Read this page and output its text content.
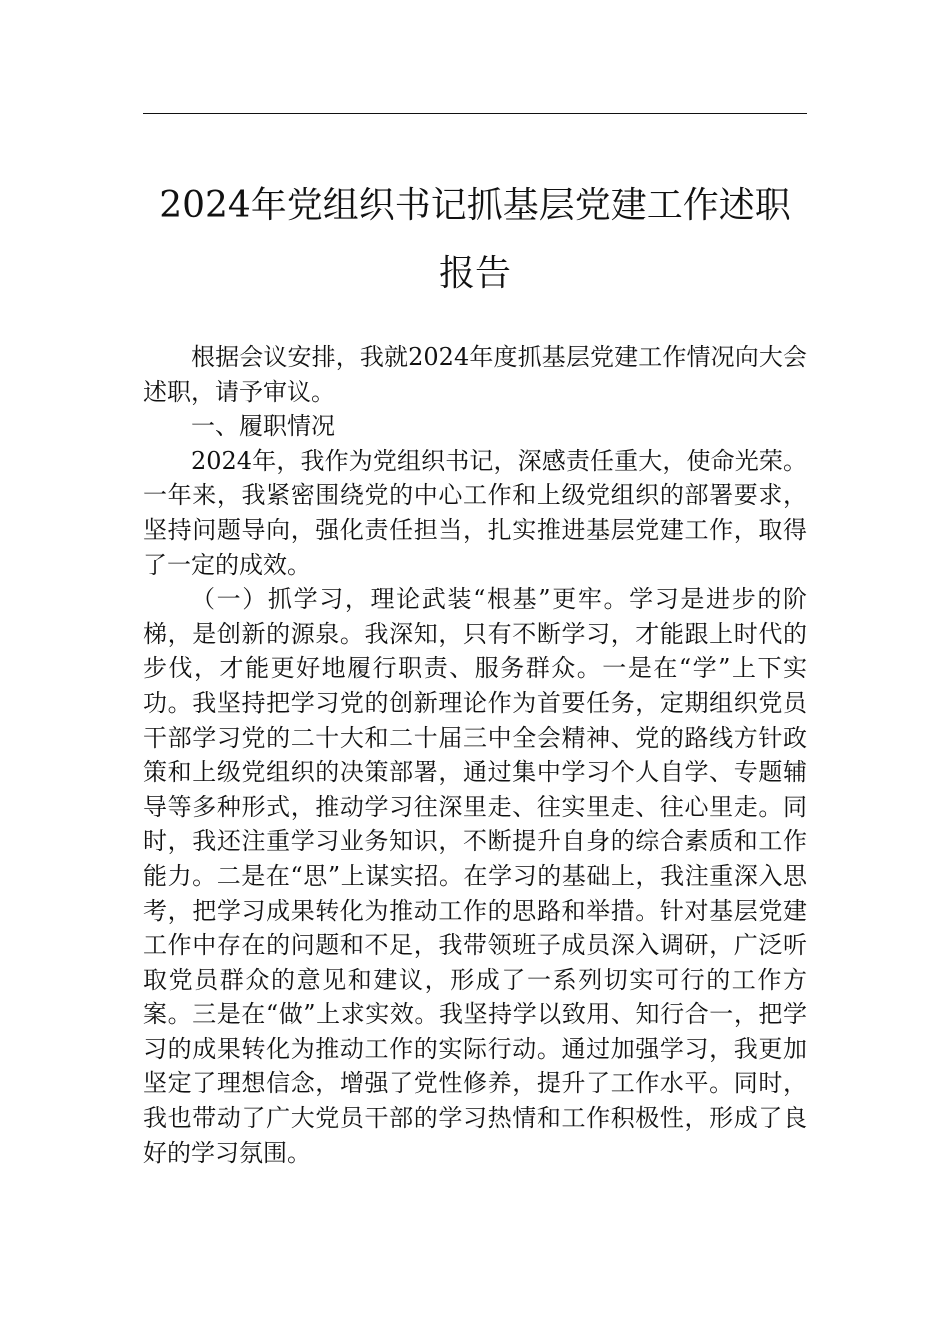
2024年党组织书记抓基层党建工作述职报告

根据会议安排，我就2024年度抓基层党建工作情况向大会述职，请予审议。

一、履职情况

2024年，我作为党组织书记，深感责任重大，使命光荣。一年来，我紧密围绕党的中心工作和上级党组织的部署要求，坚持问题导向，强化责任担当，扎实推进基层党建工作，取得了一定的成效。

（一）抓学习，理论武装“根基”更牢。学习是进步的阶梯，是创新的源泉。我深知，只有不断学习，才能跟上时代的步伐，才能更好地履行职责、服务群众。一是在“学”上下实功。我坚持把学习党的创新理论作为首要任务，定期组织党员干部学习党的二十大和二十届三中全会精神、党的路线方针政策和上级党组织的决策部署，通过集中学习个人自学、专题辅导等多种形式，推动学习往深里走、往实里走、往心里走。同时，我还注重学习业务知识，不断提升自身的综合素质和工作能力。二是在“思”上谋实招。在学习的基础上，我注重深入思考，把学习成果转化为推动工作的思路和举措。针对基层党建工作中存在的问题和不足，我带领班子成员深入调研，广泛听取党员群众的意见和建议，形成了一系列切实可行的工作方案。三是在“做”上求实效。我坚持学以致用、知行合一，把学习的成果转化为推动工作的实际行动。通过加强学习，我更加坚定了理想信念，增强了党性修养，提升了工作水平。同时，我也带动了广大党员干部的学习热情和工作积极性，形成了良好的学习氛围。
